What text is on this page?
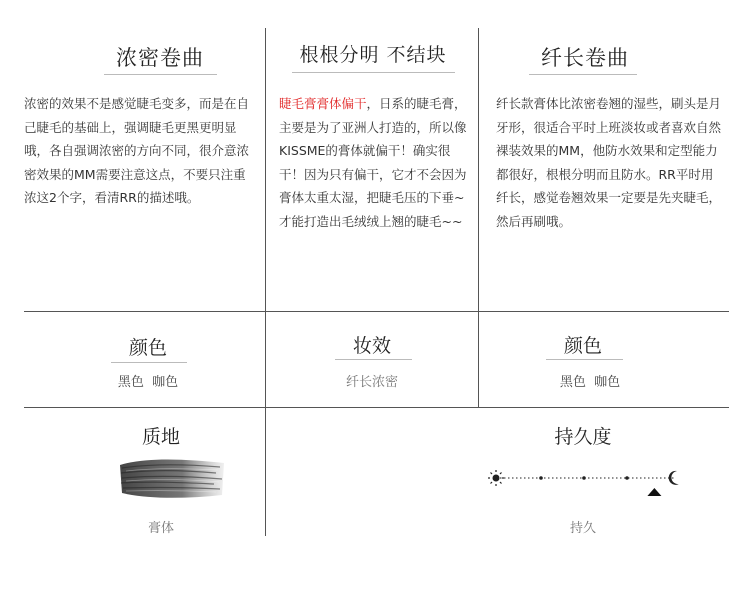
浓密卷曲
浓密的效果不是感觉睫毛变多，而是在自己睫毛的基础上，强调睫毛更黑更明显哦，各自强调浓密的方向不同，很介意浓密效果的MM需要注意这点，不要只注重浓这2个字，看清RR的描述哦。
根根分明 不结块
睫毛膏膏体偏干，日系的睫毛膏，主要是为了亚洲人打造的，所以像KISSME的膏体就偏干！确实很干！因为只有偏干，它才不会因为膏体太重太湿，把睫毛压的下垂~才能打造出毛绒绒上翘的睫毛~~
纤长卷曲
纤长款膏体比浓密卷翘的湿些，刷头是月牙形，很适合平时上班淡妆或者喜欢自然裸装效果的MM，他防水效果和定型能力都很好，根根分明而且防水。RR平时用纤长，感觉卷翘效果一定要是先夹睫毛，然后再刷哦。
颜色
黑色  咖色
妆效
纤长浓密
颜色
黑色  咖色
质地
膏体
持久度
持久
